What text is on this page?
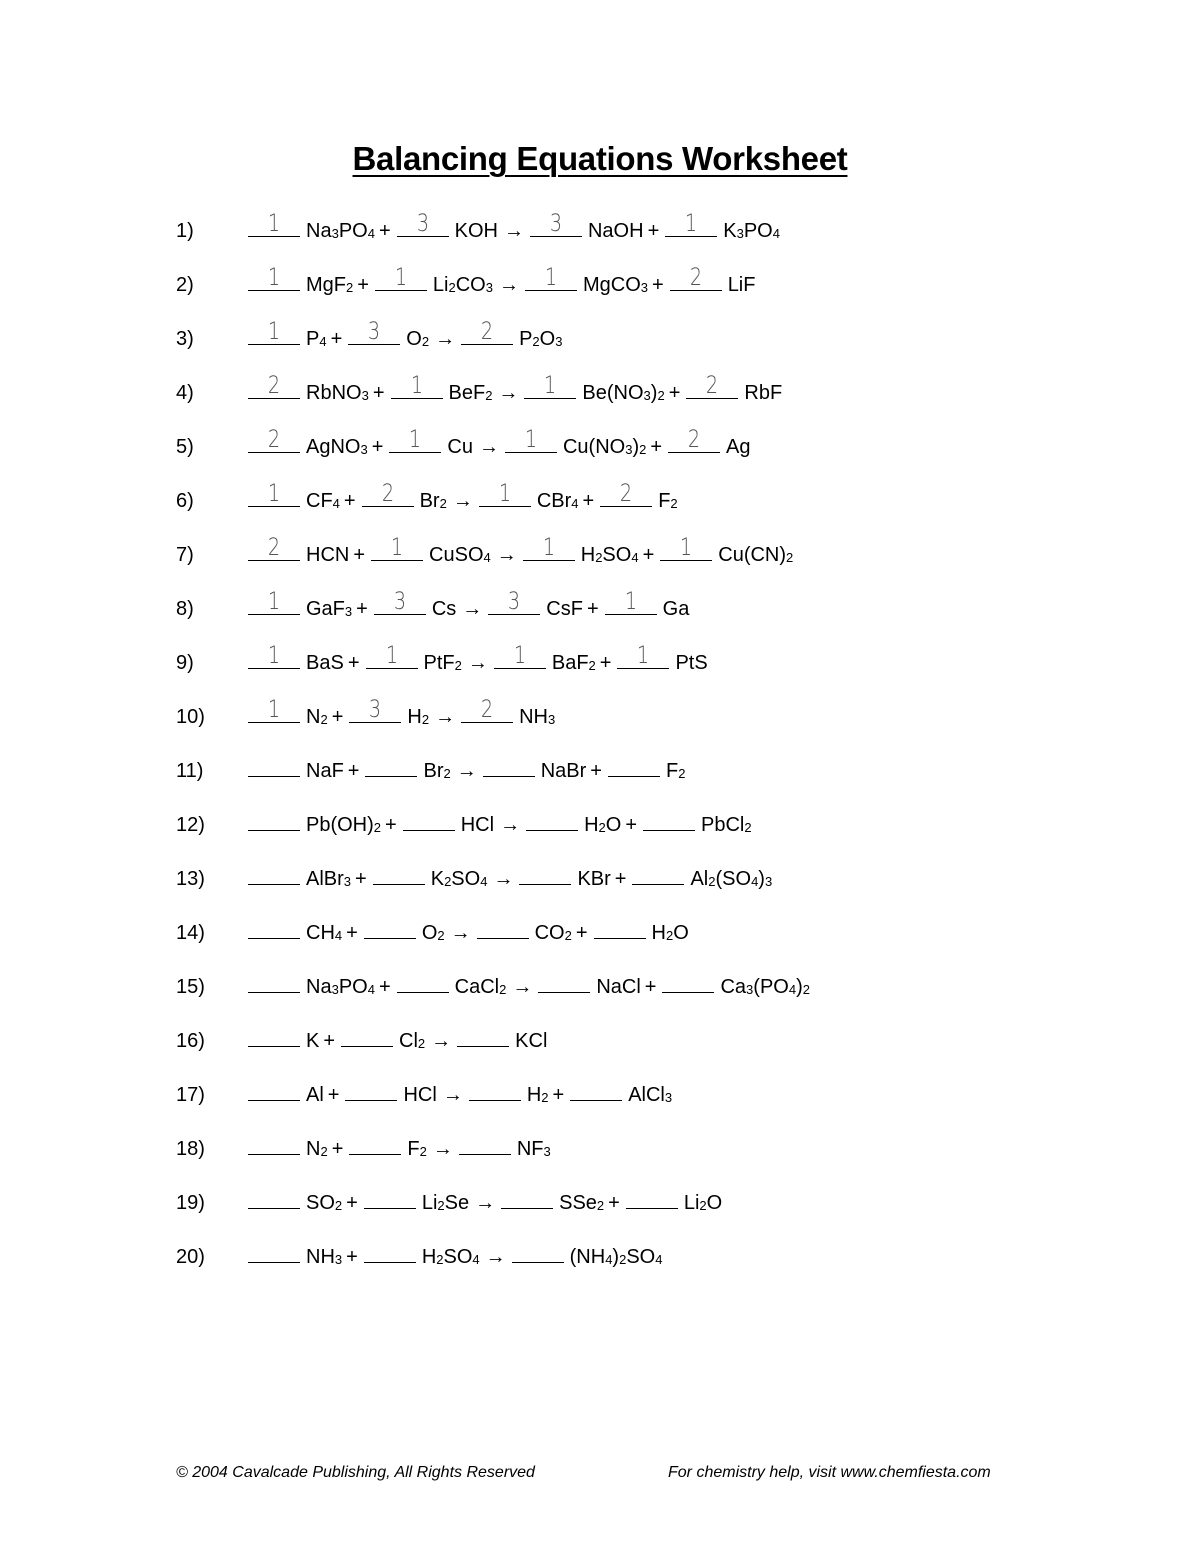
Balancing Equations Worksheet
1)	1	$Na_3PO_4$ +	3	KOH →	3	NaOH +	1	$K_3PO_4$
2)	1	MgF$_2$ +	1	$Li_2CO_3$ →	1	MgCO$_3$ +	2	LiF
3)	1	$P_4$ +	3	$O_2$ →	2	$P_2O_3$
4)	2	RbNO$_3$ +	1	BeF$_2$ →	1	$Be(NO_3)_2$ +	2	RbF
5)	2	AgNO$_3$ +	1	Cu →	1	$Cu(NO_3)_2$ +	2	Ag
6)	1	$CF_4$ +	2	$Br_2$ →	1	CBr$_4$ +	2	$F_2$
7)	2	HCN +	1	CuSO$_4$ →	1	$H_2SO_4$ +	1	$Cu(CN)_2$
8)	1	GaF$_3$ +	3	Cs →	3	CsF +	1	Ga
9)	1	BaS +	1	PtF$_2$ →	1	BaF$_2$ +	1	PtS
10)	1	$N_2$ +	3	$H_2$ →	2	$NH_3$
11)	NaF +	$Br_2$ →	NaBr +	$F_2$
12)	$Pb(OH)_2$ +	HCl →	$H_2O$ +	PbCl$_2$
13)	AlBr$_3$ +	$K_2SO_4$ →	KBr +	$Al_2(SO_4)_3$
14)	$CH_4$ +	$O_2$ →	$CO_2$ +	$H_2O$
15)	$Na_3PO_4$ +	CaCl$_2$ →	NaCl +	$Ca_3(PO_4)_2$
16)	K +	$Cl_2$ →	KCl
17)	Al +	HCl →	$H_2$ +	AlCl$_3$
18)	$N_2$ +	$F_2$ →	$NF_3$
19)	$SO_2$ +	$Li_2Se$ →	SSe$_2$ +	$Li_2O$
20)	$NH_3$ +	$H_2SO_4$ →	$(NH_4)_2SO_4$
© 2004 Cavalcade Publishing, All Rights Reserved	For chemistry help, visit www.chemfiesta.com
